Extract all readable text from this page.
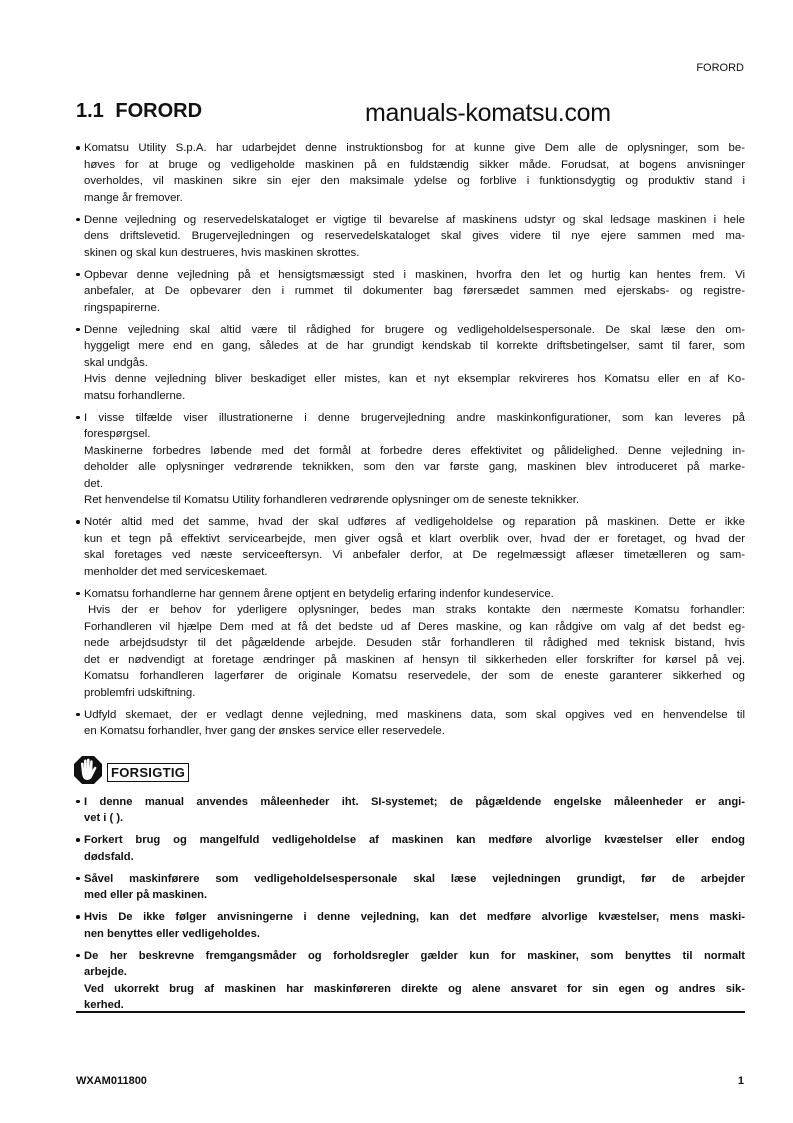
FORORD
1.1 FORORD	manuals-komatsu.com
Komatsu Utility S.p.A. har udarbejdet denne instruktionsbog for at kunne give Dem alle de oplysninger, som be-
høves for at bruge og vedligeholde maskinen på en fuldstændig sikker måde. Forudsat, at bogens anvisninger
overholdes, vil maskinen sikre sin ejer den maksimale ydelse og forblive i funktionsdygtig og produktiv stand i
mange år fremover.
Denne vejledning og reservedelskataloget er vigtige til bevarelse af maskinens udstyr og skal ledsage maskinen i hele
dens driftslevetid. Brugervejledningen og reservedelskataloget skal gives videre til nye ejere sammen med ma-
skinen og skal kun destrueres, hvis maskinen skrottes.
Opbevar denne vejledning på et hensigtsmæssigt sted i maskinen, hvorfra den let og hurtig kan hentes frem. Vi
anbefaler, at De opbevarer den i rummet til dokumenter bag førersædet sammen med ejerskabs- og registre-
ringspapirerne.
Denne vejledning skal altid være til rådighed for brugere og vedligeholdelsespersonale. De skal læse den om-
hyggeligt mere end en gang, således at de har grundigt kendskab til korrekte driftsbetingelser, samt til farer, som
skal undgås.
Hvis denne vejledning bliver beskadiget eller mistes, kan et nyt eksemplar rekvireres hos Komatsu eller en af Ko-
matsu forhandlerne.
I visse tilfælde viser illustrationerne i denne brugervejledning andre maskinkonfigurationer, som kan leveres på
forespørgsel.
Maskinerne forbedres løbende med det formål at forbedre deres effektivitet og pålidelighed. Denne vejledning in-
deholder alle oplysninger vedrørende teknikken, som den var første gang, maskinen blev introduceret på marke-
det.
Ret henvendelse til Komatsu Utility forhandleren vedrørende oplysninger om de seneste teknikker.
Notér altid med det samme, hvad der skal udføres af vedligeholdelse og reparation på maskinen. Dette er ikke
kun et tegn på effektivt servicearbejde, men giver også et klart overblik over, hvad der er foretaget, og hvad der
skal foretages ved næste serviceeftersyn. Vi anbefaler derfor, at De regelmæssigt aflæser timetælleren og sam-
menholder det med serviceskemaet.
Komatsu forhandlerne har gennem årene optjent en betydelig erfaring indenfor kundeservice.
Hvis der er behov for yderligere oplysninger, bedes man straks kontakte den nærmeste Komatsu forhandler:
Forhandleren vil hjælpe Dem med at få det bedste ud af Deres maskine, og kan rådgive om valg af det bedst eg-
nede arbejdsudstyr til det pågældende arbejde. Desuden står forhandleren til rådighed med teknisk bistand, hvis
det er nødvendigt at foretage ændringer på maskinen af hensyn til sikkerheden eller forskrifter for kørsel på vej.
Komatsu forhandleren lagerfører de originale Komatsu reservedele, der som de eneste garanterer sikkerhed og
problemfri udskiftning.
Udfyld skemaet, der er vedlagt denne vejledning, med maskinens data, som skal opgives ved en henvendelse til
en Komatsu forhandler, hver gang der ønskes service eller reservedele.
FORSIGTIG
I denne manual anvendes måleenheder iht. SI-systemet; de pågældende engelske måleenheder er angi-
vet i ( ).
Forkert brug og mangelfuld vedligeholdelse af maskinen kan medføre alvorlige kvæstelser eller endog
dødsfald.
Såvel maskinførere som vedligeholdelsespersonale skal læse vejledningen grundigt, før de arbejder
med eller på maskinen.
Hvis De ikke følger anvisningerne i denne vejledning, kan det medføre alvorlige kvæstelser, mens maski-
nen benyttes eller vedligeholdes.
De her beskrevne fremgangsmåder og forholdsregler gælder kun for maskiner, som benyttes til normalt
arbejde.
Ved ukorrekt brug af maskinen har maskinføreren direkte og alene ansvaret for sin egen og andres sik-
kerhed.
WXAM011800	1
